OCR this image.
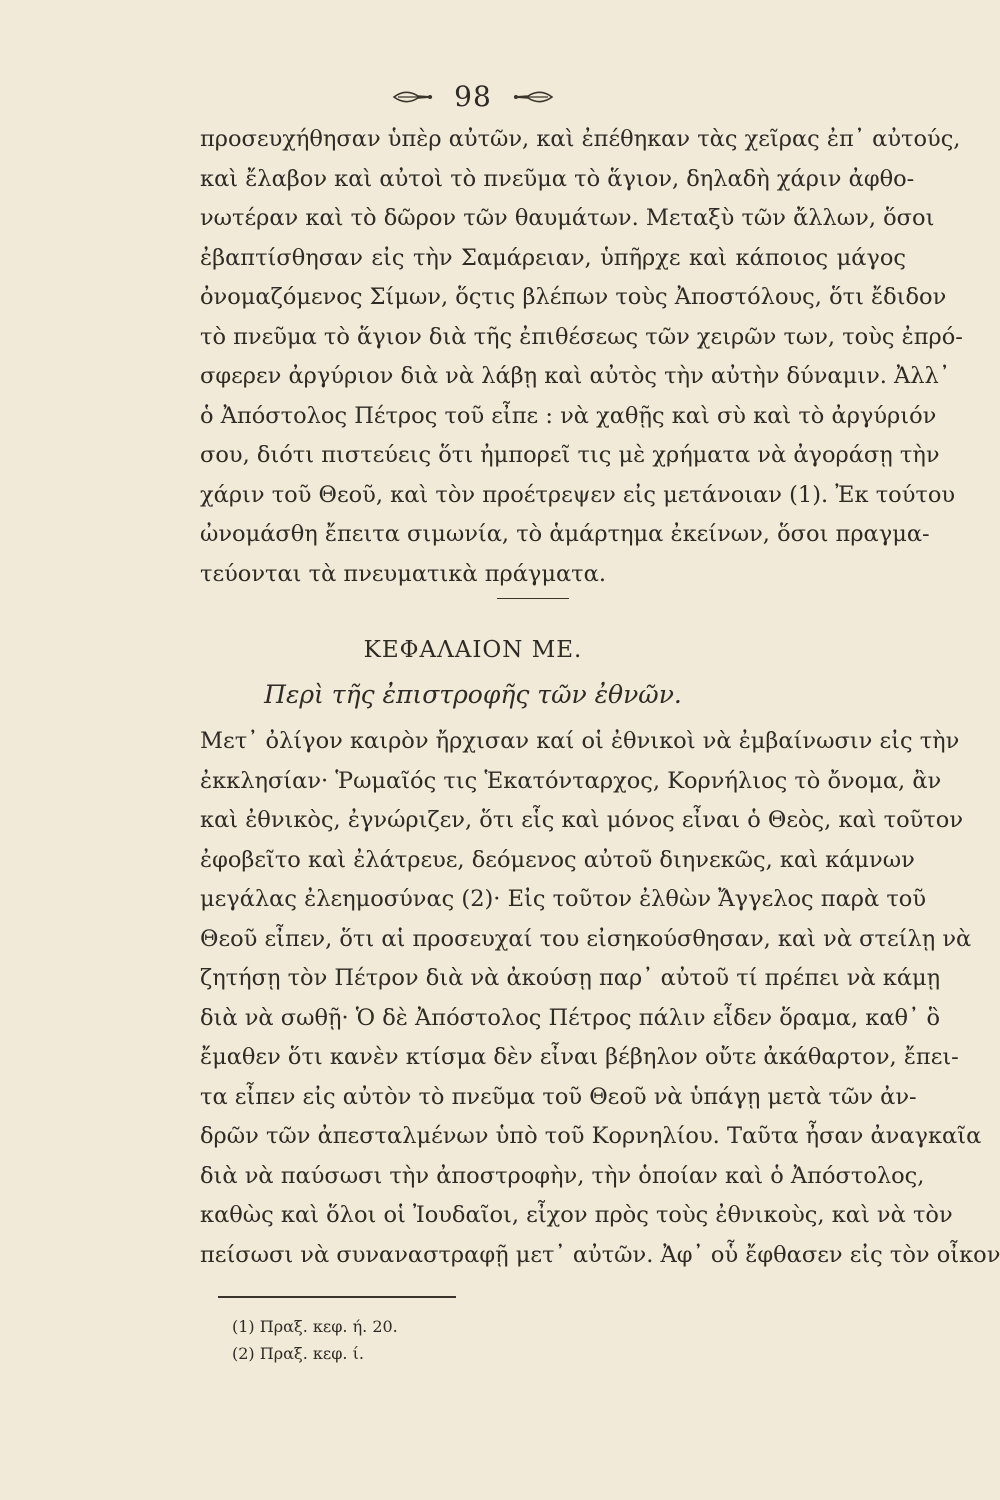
98
προσευχήθησαν ὑπὲρ αὐτῶν, καὶ ἐπέθηκαν τὰς χεῖρας ἐπ᾽ αὐτούς,
καὶ ἔλαβον καὶ αὐτοὶ τὸ πνεῦμα τὸ ἅγιον, δηλαδὴ χάριν ἀφθο-
νωτέραν καὶ τὸ δῶρον τῶν θαυμάτων. Μεταξὺ τῶν ἄλλων, ὅσοι
ἐβαπτίσθησαν εἰς τὴν Σαμάρειαν, ὑπῆρχε καὶ κάποιος μάγος
ὀνομαζόμενος Σίμων, ὅςτις βλέπων τοὺς Ἀποστόλους, ὅτι ἔδιδον
τὸ πνεῦμα τὸ ἅγιον διὰ τῆς ἐπιθέσεως τῶν χειρῶν των, τοὺς ἐπρό-
σφερεν ἀργύριον διὰ νὰ λάβῃ καὶ αὐτὸς τὴν αὐτὴν δύναμιν. Ἀλλ᾽
ὁ Ἀπόστολος Πέτρος τοῦ εἶπε : νὰ χαθῇς καὶ σὺ καὶ τὸ ἀργύριόν
σου, διότι πιστεύεις ὅτι ἠμπορεῖ τις μὲ χρήματα νὰ ἀγοράσῃ τὴν
χάριν τοῦ Θεοῦ, καὶ τὸν προέτρεψεν εἰς μετάνοιαν (1). Ἐκ τούτου
ὠνομάσθη ἔπειτα σιμωνία, τὸ ἁμάρτημα ἐκείνων, ὅσοι πραγμα-
τεύονται τὰ πνευματικὰ πράγματα.
ΚΕΦΑΛΑΙΟΝ ΜΕ.
Περὶ τῆς ἐπιστροφῆς τῶν ἐθνῶν.
Μετ᾽ ὀλίγον καιρὸν ἤρχισαν καί οἱ ἐθνικοὶ νὰ ἐμβαίνωσιν εἰς τὴν
ἐκκλησίαν· Ῥωμαῖός τις Ἑκατόνταρχος, Κορνήλιος τὸ ὄνομα, ἂν
καὶ ἐθνικὸς, ἐγνώριζεν, ὅτι εἷς καὶ μόνος εἶναι ὁ Θεὸς, καὶ τοῦτον
ἐφοβεῖτο καὶ ἐλάτρευε, δεόμενος αὐτοῦ διηνεκῶς, καὶ κάμνων
μεγάλας ἐλεημοσύνας (2)· Εἰς τοῦτον ἐλθὼν Ἄγγελος παρὰ τοῦ
Θεοῦ εἶπεν, ὅτι αἱ προσευχαί του εἰσηκούσθησαν, καὶ νὰ στείλῃ νὰ
ζητήσῃ τὸν Πέτρον διὰ νὰ ἀκούσῃ παρ᾽ αὐτοῦ τί πρέπει νὰ κάμῃ
διὰ νὰ σωθῇ· Ὁ δὲ Ἀπόστολος Πέτρος πάλιν εἶδεν ὅραμα, καθ᾽ ὃ
ἔμαθεν ὅτι κανὲν κτίσμα δὲν εἶναι βέβηλον οὔτε ἀκάθαρτον, ἔπει-
τα εἶπεν εἰς αὐτὸν τὸ πνεῦμα τοῦ Θεοῦ νὰ ὑπάγῃ μετὰ τῶν ἀν-
δρῶν τῶν ἀπεσταλμένων ὑπὸ τοῦ Κορνηλίου. Ταῦτα ἦσαν ἀναγκαῖα
διὰ νὰ παύσωσι τὴν ἀποστροφὴν, τὴν ὁποίαν καὶ ὁ Ἀπόστολος,
καθὼς καὶ ὅλοι οἱ Ἰουδαῖοι, εἶχον πρὸς τοὺς ἐθνικοὺς, καὶ νὰ τὸν
πείσωσι νὰ συναναστραφῇ μετ᾽ αὐτῶν. Ἀφ᾽ οὗ ἔφθασεν εἰς τὸν οἶκον
(1) Πραξ. κεφ. ή. 20.
(2) Πραξ. κεφ. ί.
